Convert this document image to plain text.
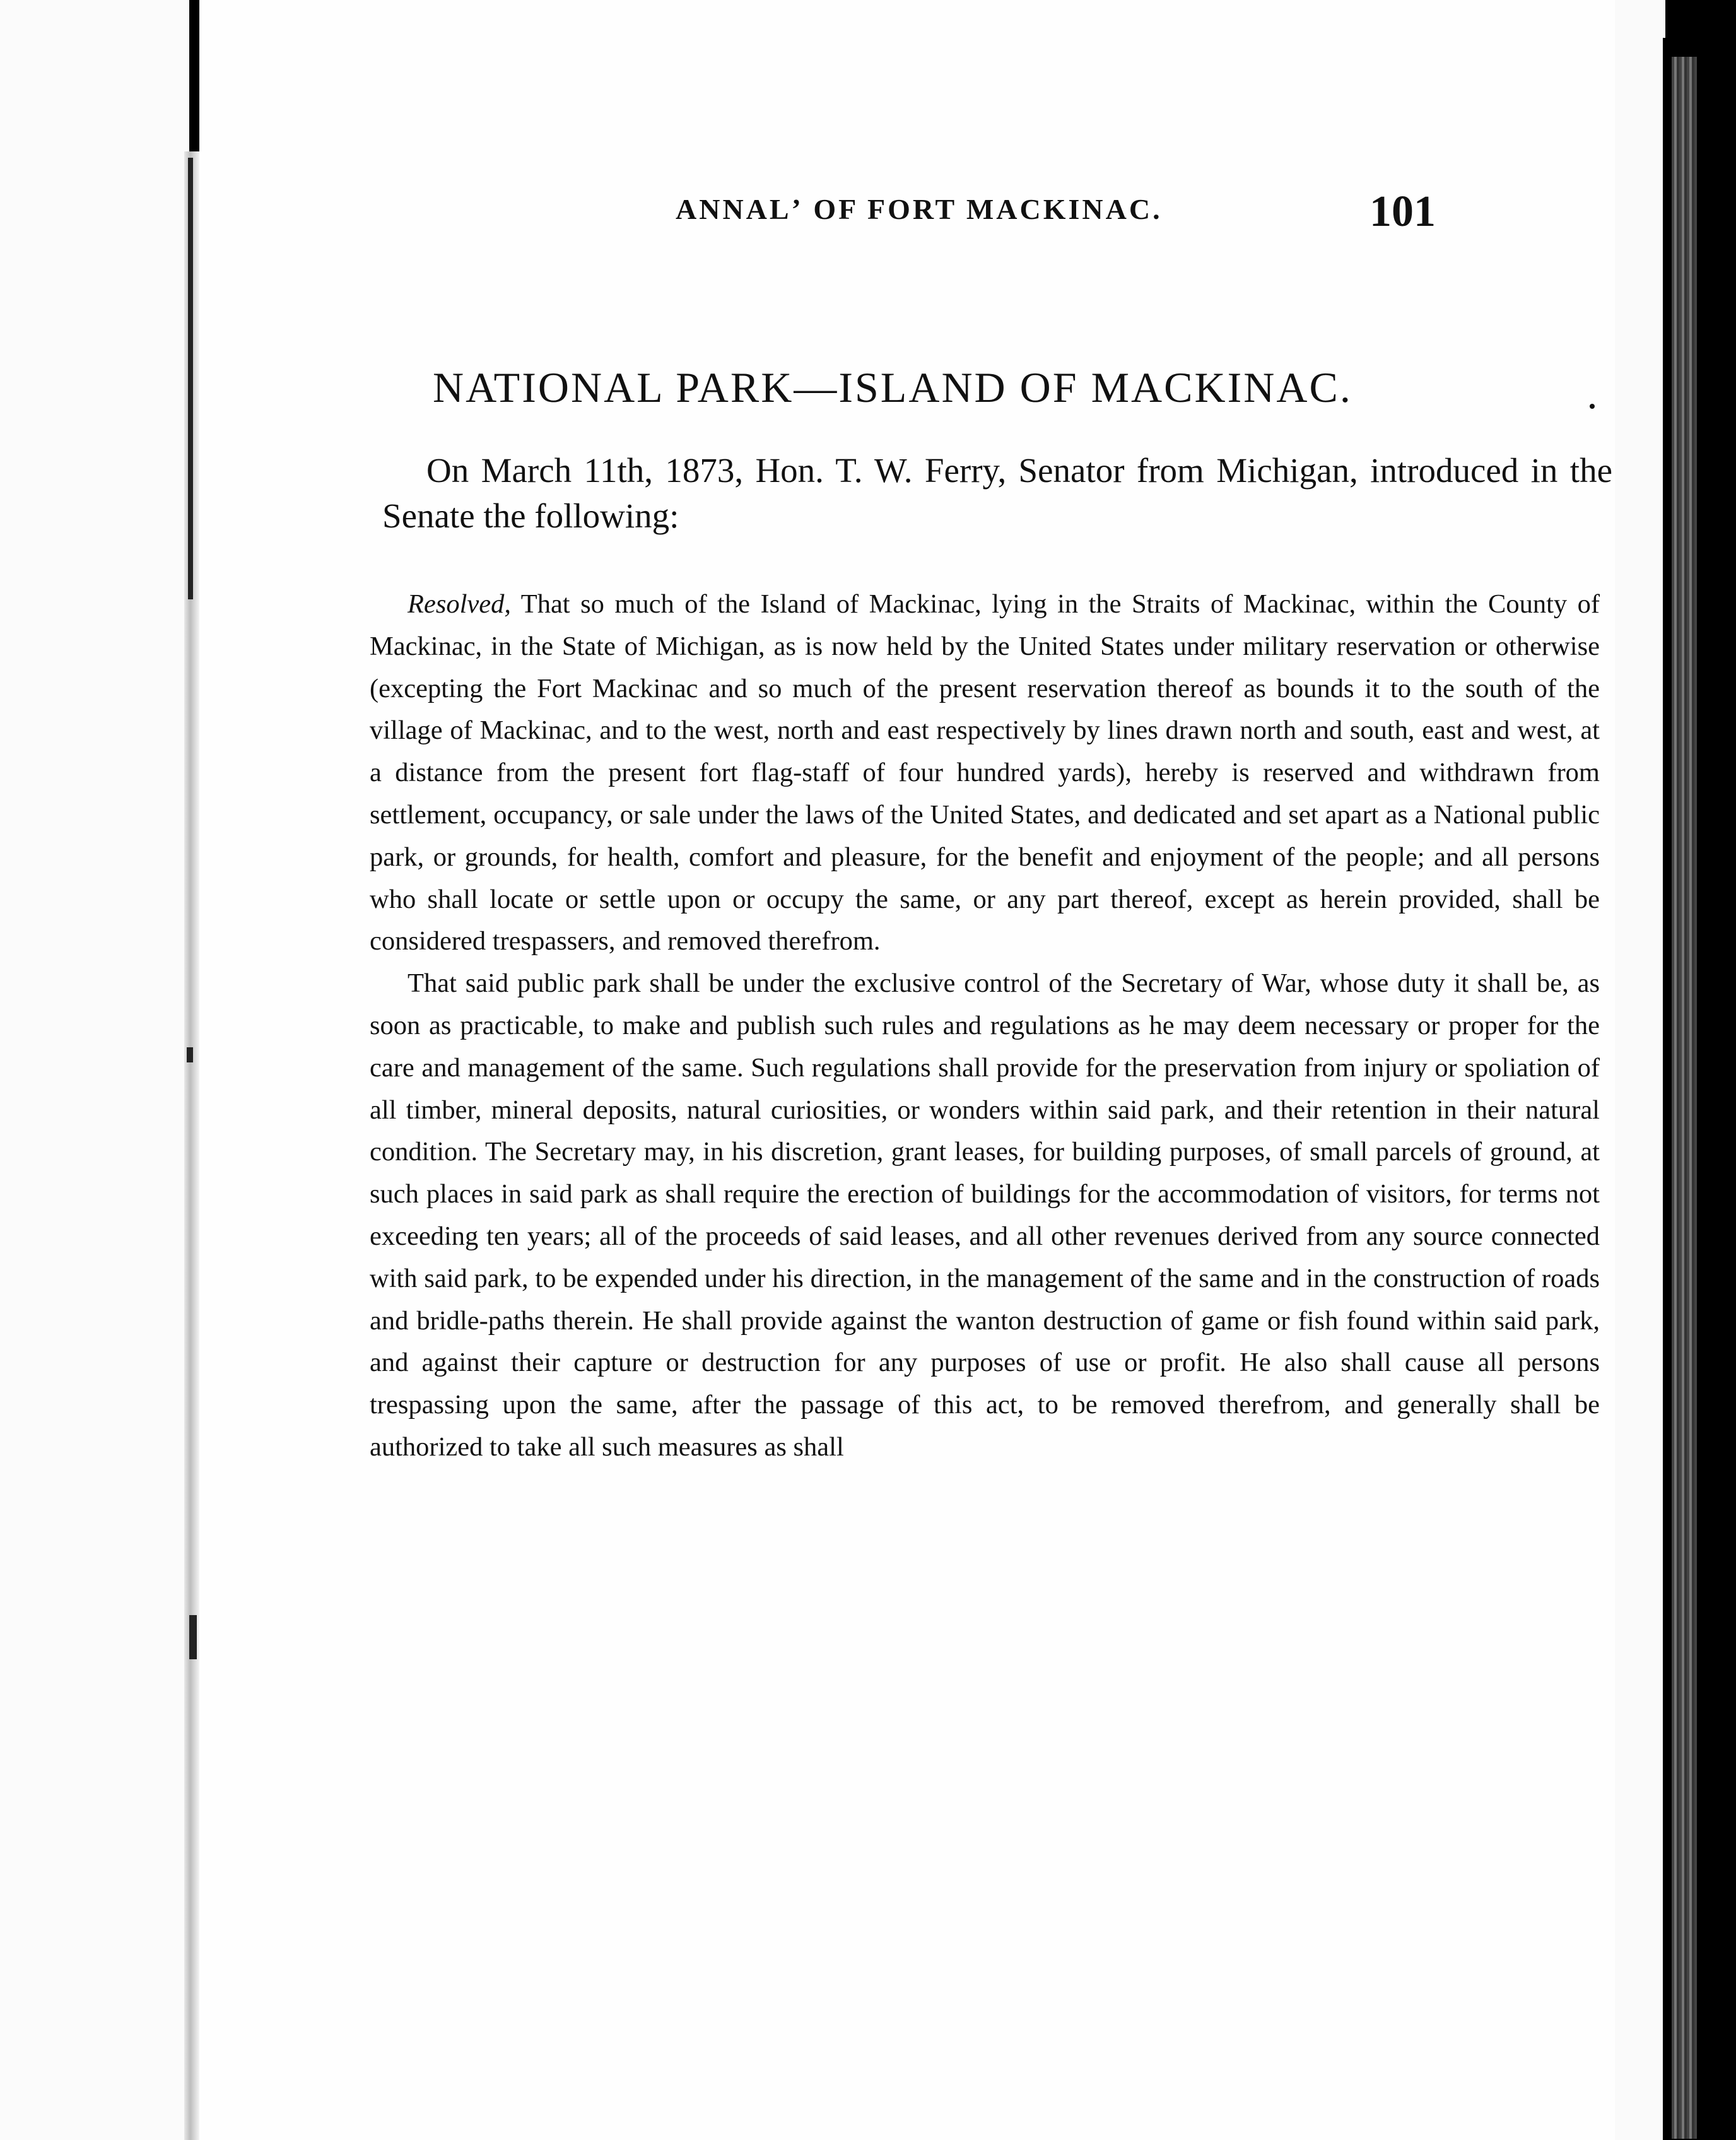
ANNALʼ OF FORT MACKINAC.	101
NATIONAL PARK—ISLAND OF MACKINAC.

On March 11th, 1873, Hon. T. W. Ferry, Senator from Michigan, introduced in the Senate the following:

Resolved, That so much of the Island of Mackinac, lying in the Straits of Mackinac, within the County of Mackinac, in the State of Michigan, as is now held by the United States under military reservation or otherwise (excepting the Fort Mackinac and so much of the present reservation thereof as bounds it to the south of the village of Mackinac, and to the west, north and east respectively by lines drawn north and south, east and west, at a distance from the present fort flag-staff of four hundred yards), hereby is reserved and withdrawn from settlement, occupancy, or sale under the laws of the United States, and dedicated and set apart as a National public park, or grounds, for health, comfort and pleasure, for the benefit and enjoyment of the people; and all persons who shall locate or settle upon or occupy the same, or any part thereof, except as herein provided, shall be considered trespassers, and removed therefrom.

That said public park shall be under the exclusive control of the Secretary of War, whose duty it shall be, as soon as practicable, to make and publish such rules and regulations as he may deem necessary or proper for the care and management of the same. Such regulations shall provide for the preservation from injury or spoliation of all timber, mineral deposits, natural curiosities, or wonders within said park, and their retention in their natural condition. The Secretary may, in his discretion, grant leases, for building purposes, of small parcels of ground, at such places in said park as shall require the erection of buildings for the accommodation of visitors, for terms not exceeding ten years; all of the proceeds of said leases, and all other revenues derived from any source connected with said park, to be expended under his direction, in the management of the same and in the construction of roads and bridle-paths therein. He shall provide against the wanton destruction of game or fish found within said park, and against their capture or destruction for any purposes of use or profit. He also shall cause all persons trespassing upon the same, after the passage of this act, to be removed therefrom, and generally shall be authorized to take all such measures as shall
